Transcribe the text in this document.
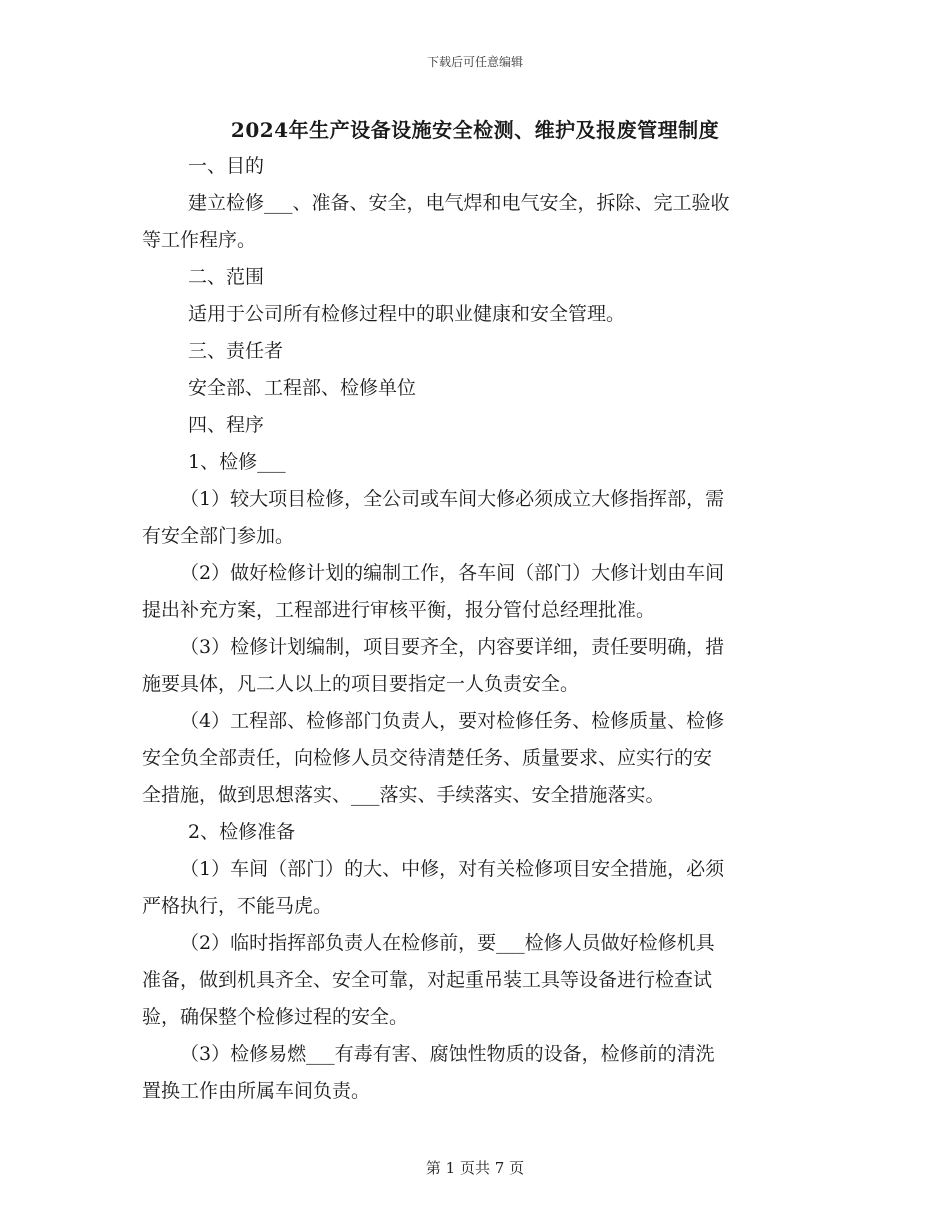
下载后可任意编辑
2024年生产设备设施安全检测、维护及报废管理制度
一、目的
建立检修___、准备、安全，电气焊和电气安全，拆除、完工验收
等工作程序。
二、范围
适用于公司所有检修过程中的职业健康和安全管理。
三、责任者
安全部、工程部、检修单位
四、程序
1、检修___
（1）较大项目检修，全公司或车间大修必须成立大修指挥部，需
有安全部门参加。
（2）做好检修计划的编制工作，各车间（部门）大修计划由车间
提出补充方案，工程部进行审核平衡，报分管付总经理批准。
（3）检修计划编制，项目要齐全，内容要详细，责任要明确，措
施要具体，凡二人以上的项目要指定一人负责安全。
（4）工程部、检修部门负责人，要对检修任务、检修质量、检修
安全负全部责任，向检修人员交待清楚任务、质量要求、应实行的安
全措施，做到思想落实、___落实、手续落实、安全措施落实。
2、检修准备
（1）车间（部门）的大、中修，对有关检修项目安全措施，必须
严格执行，不能马虎。
（2）临时指挥部负责人在检修前，要___检修人员做好检修机具
准备，做到机具齐全、安全可靠，对起重吊装工具等设备进行检查试
验，确保整个检修过程的安全。
（3）检修易燃___有毒有害、腐蚀性物质的设备，检修前的清洗
置换工作由所属车间负责。
第 1 页共 7 页
